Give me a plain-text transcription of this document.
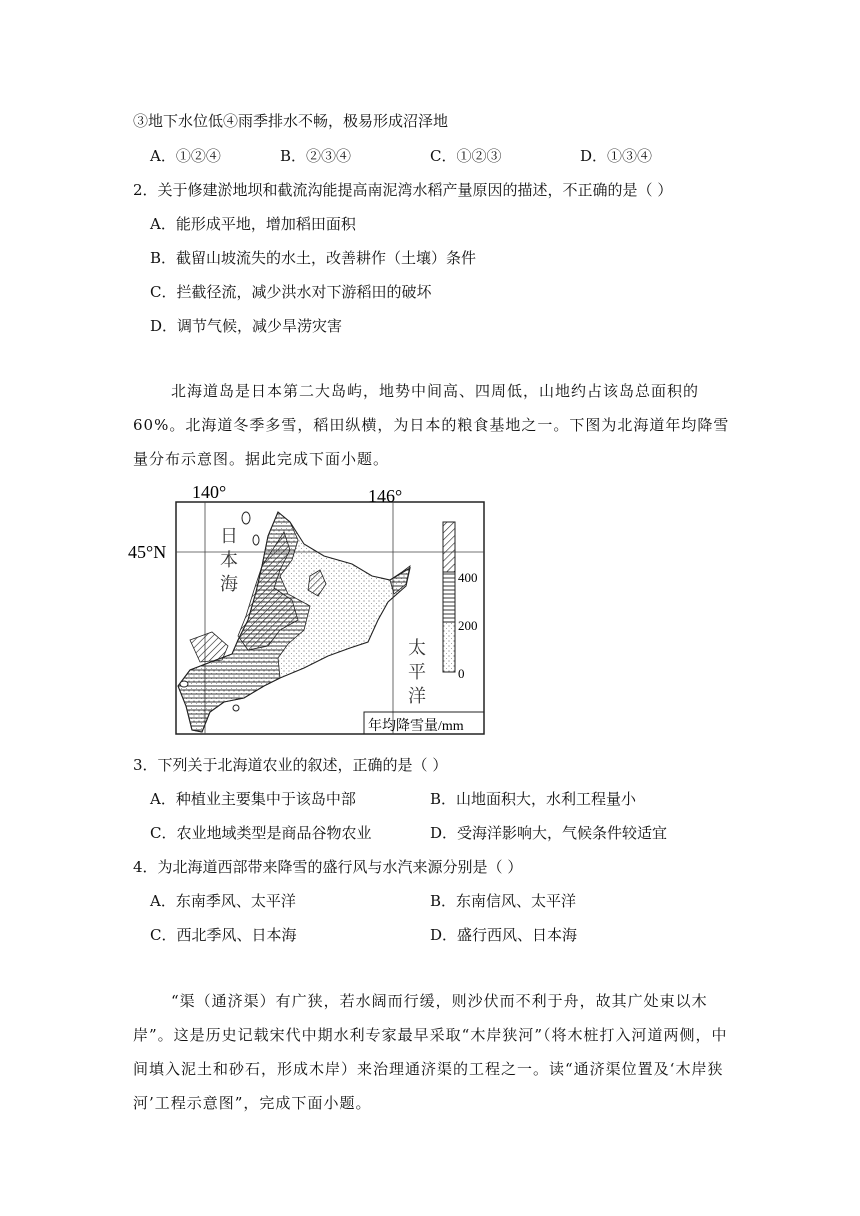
③地下水位低④雨季排水不畅，极易形成沼泽地
A．①②④	B．②③④	C．①②③	D．①③④
2．关于修建淤地坝和截流沟能提高南泥湾水稻产量原因的描述，不正确的是（ ）
A．能形成平地，增加稻田面积
B．截留山坡流失的水土，改善耕作（土壤）条件
C．拦截径流，减少洪水对下游稻田的破坏
D．调节气候，减少旱涝灾害
北海道岛是日本第二大岛屿，地势中间高、四周低，山地约占该岛总面积的60%。北海道冬季多雪，稻田纵横，为日本的粮食基地之一。下图为北海道年均降雪量分布示意图。据此完成下面小题。
140°	146°
45°N
日
本
海
太
平
洋
400
200
0
年均降雪量/mm
3．下列关于北海道农业的叙述，正确的是（ ）
A．种植业主要集中于该岛中部	B．山地面积大，水利工程量小
C．农业地域类型是商品谷物农业	D．受海洋影响大，气候条件较适宜
4．为北海道西部带来降雪的盛行风与水汽来源分别是（ ）
A．东南季风、太平洋	B．东南信风、太平洋
C．西北季风、日本海	D．盛行西风、日本海
“渠（通济渠）有广狭，若水阔而行缓，则沙伏而不利于舟，故其广处束以木岸”。这是历史记载宋代中期水利专家最早采取“木岸狭河”（将木桩打入河道两侧，中间填入泥土和砂石，形成木岸）来治理通济渠的工程之一。读“通济渠位置及‘木岸狭河’工程示意图”，完成下面小题。
